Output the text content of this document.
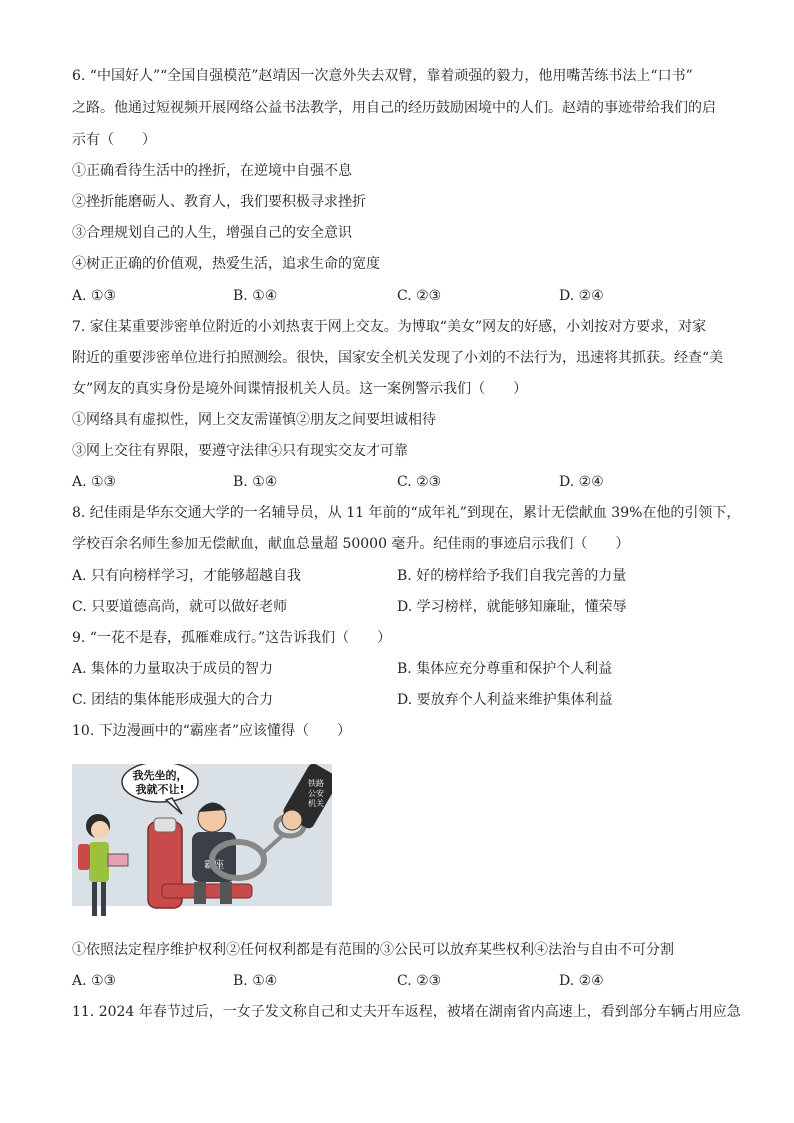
6. “中国好人”“全国自强模范”赵靖因一次意外失去双臂，靠着顽强的毅力，他用嘴苦练书法上“口书”
之路。他通过短视频开展网络公益书法教学，用自己的经历鼓励困境中的人们。赵靖的事迹带给我们的启
示有（　　）
①正确看待生活中的挫折，在逆境中自强不息
②挫折能磨砺人、教育人，我们要积极寻求挫折
③合理规划自己的人生，增强自己的安全意识
④树正正确的价值观，热爱生活，追求生命的宽度
A. ①③	B. ①④	C. ②③	D. ②④
7. 家住某重要涉密单位附近的小刘热衷于网上交友。为博取“美女”网友的好感，小刘按对方要求，对家
附近的重要涉密单位进行拍照测绘。很快，国家安全机关发现了小刘的不法行为，迅速将其抓获。经查“美
女”网友的真实身份是境外间谍情报机关人员。这一案例警示我们（　　）
①网络具有虚拟性，网上交友需谨慎②朋友之间要坦诚相待
③网上交往有界限，要遵守法律④只有现实交友才可靠
A. ①③	B. ①④	C. ②③	D. ②④
8. 纪佳雨是华东交通大学的一名辅导员，从 11 年前的“成年礼”到现在，累计无偿献血 39%在他的引领下，
学校百余名师生参加无偿献血，献血总量超 50000 毫升。纪佳雨的事迹启示我们（　　）
A. 只有向榜样学习，才能够超越自我	B. 好的榜样给予我们自我完善的力量
C. 只要道德高尚，就可以做好老师	D. 学习榜样，就能够知廉耻，懂荣辱
9. “一花不是春，孤雁难成行。”这告诉我们（　　）
A. 集体的力量取决于成员的智力	B. 集体应充分尊重和保护个人利益
C. 团结的集体能形成强大的合力	D. 要放弃个人利益来维护集体利益
10. 下边漫画中的“霸座者”应该懂得（　　）
我先坐的，
我就不让!
霸座
铁路
公安
机关
①依照法定程序维护权利②任何权利都是有范围的③公民可以放弃某些权利④法治与自由不可分割
A. ①③	B. ①④	C. ②③	D. ②④
11. 2024 年春节过后，一女子发文称自己和丈夫开车返程，被堵在湖南省内高速上，看到部分车辆占用应急
